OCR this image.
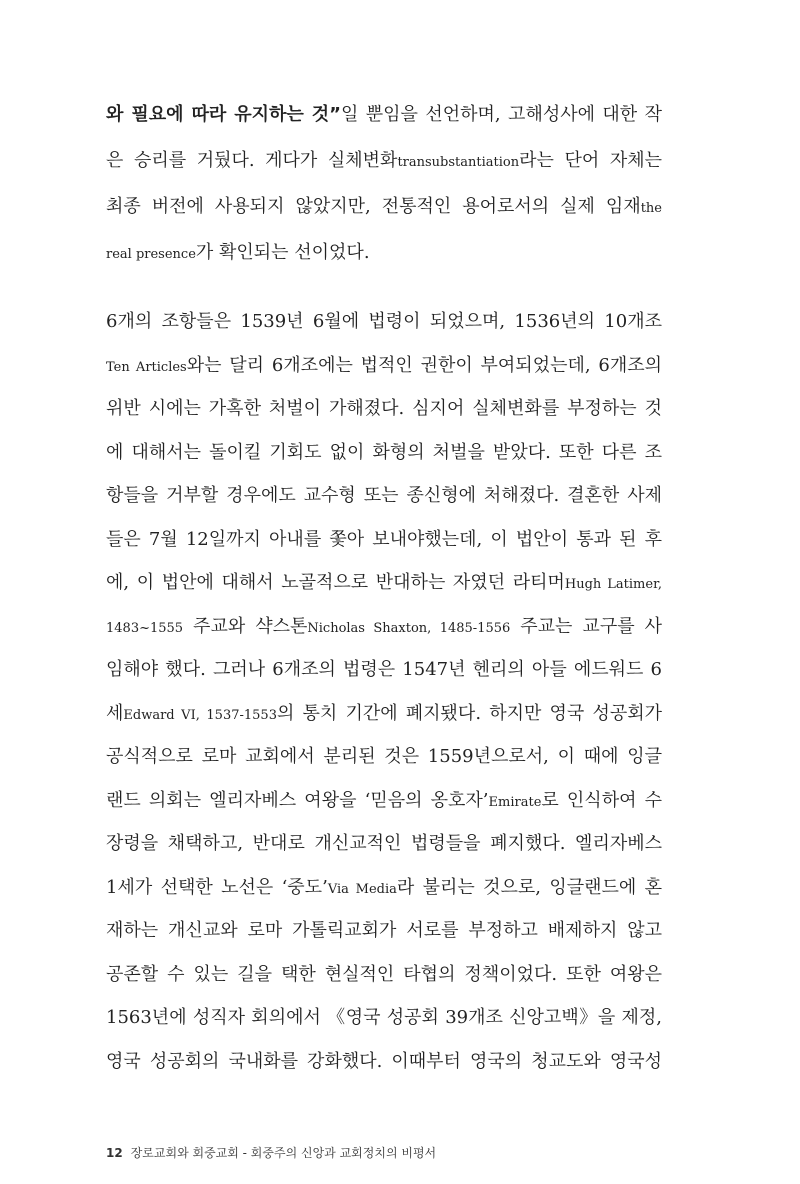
와 필요에 따라 유지하는 것”일 뿐임을 선언하며, 고해성사에 대한 작
은 승리를 거뒀다. 게다가 실체변화transubstantiation라는 단어 자체는
최종 버전에 사용되지 않았지만, 전통적인 용어로서의 실제 임재the
real presence가 확인되는 선이었다.
6개의 조항들은 1539년 6월에 법령이 되었으며, 1536년의 10개조
Ten Articles와는 달리 6개조에는 법적인 권한이 부여되었는데, 6개조의
위반 시에는 가혹한 처벌이 가해졌다. 심지어 실체변화를 부정하는 것
에 대해서는 돌이킬 기회도 없이 화형의 처벌을 받았다. 또한 다른 조
항들을 거부할 경우에도 교수형 또는 종신형에 처해졌다. 결혼한 사제
들은 7월 12일까지 아내를 쫓아 보내야했는데, 이 법안이 통과 된 후
에, 이 법안에 대해서 노골적으로 반대하는 자였던 라티머Hugh Latimer,
1483~1555 주교와 샥스톤Nicholas Shaxton, 1485-1556 주교는 교구를 사
임해야 했다. 그러나 6개조의 법령은 1547년 헨리의 아들 에드워드 6
세Edward VI, 1537-1553의 통치 기간에 폐지됐다. 하지만 영국 성공회가
공식적으로 로마 교회에서 분리된 것은 1559년으로서, 이 때에 잉글
랜드 의회는 엘리자베스 여왕을 ‘믿음의 옹호자’Emirate로 인식하여 수
장령을 채택하고, 반대로 개신교적인 법령들을 폐지했다. 엘리자베스
1세가 선택한 노선은 ‘중도’Via Media라 불리는 것으로, 잉글랜드에 혼
재하는 개신교와 로마 가톨릭교회가 서로를 부정하고 배제하지 않고
공존할 수 있는 길을 택한 현실적인 타협의 정책이었다. 또한 여왕은
1563년에 성직자 회의에서 《영국 성공회 39개조 신앙고백》을 제정,
영국 성공회의 국내화를 강화했다. 이때부터 영국의 청교도와 영국성
12 장로교회와 회중교회 - 회중주의 신앙과 교회정치의 비평서
